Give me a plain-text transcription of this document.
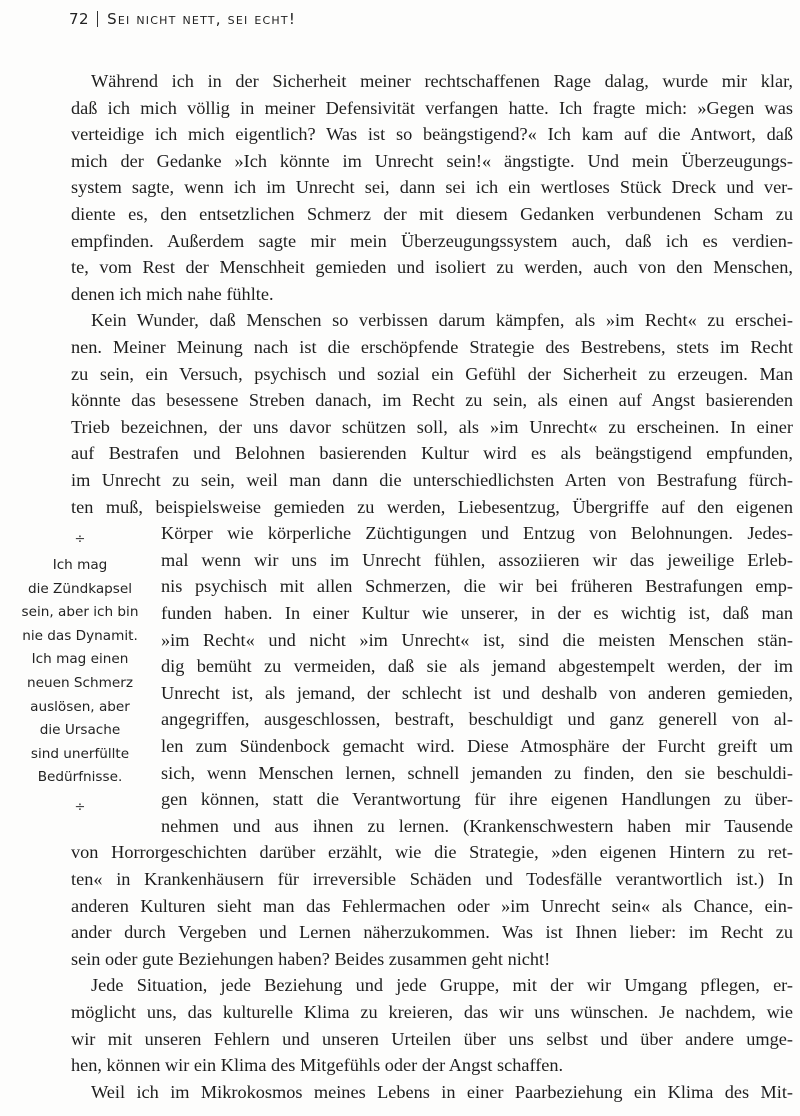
72 Sei nicht nett, sei echt!
Während ich in der Sicherheit meiner rechtschaffenen Rage dalag, wurde mir klar,
daß ich mich völlig in meiner Defensivität verfangen hatte. Ich fragte mich: »Gegen was
verteidige ich mich eigentlich? Was ist so beängstigend?« Ich kam auf die Antwort, daß
mich der Gedanke »Ich könnte im Unrecht sein!« ängstigte. Und mein Überzeugungs-
system sagte, wenn ich im Unrecht sei, dann sei ich ein wertloses Stück Dreck und ver-
diente es, den entsetzlichen Schmerz der mit diesem Gedanken verbundenen Scham zu
empfinden. Außerdem sagte mir mein Überzeugungssystem auch, daß ich es verdien-
te, vom Rest der Menschheit gemieden und isoliert zu werden, auch von den Menschen,
denen ich mich nahe fühlte.
Kein Wunder, daß Menschen so verbissen darum kämpfen, als »im Recht« zu erschei-
nen. Meiner Meinung nach ist die erschöpfende Strategie des Bestrebens, stets im Recht
zu sein, ein Versuch, psychisch und sozial ein Gefühl der Sicherheit zu erzeugen. Man
könnte das besessene Streben danach, im Recht zu sein, als einen auf Angst basierenden
Trieb bezeichnen, der uns davor schützen soll, als »im Unrecht« zu erscheinen. In einer
auf Bestrafen und Belohnen basierenden Kultur wird es als beängstigend empfunden,
im Unrecht zu sein, weil man dann die unterschiedlichsten Arten von Bestrafung fürch-
ten muß, beispielsweise gemieden zu werden, Liebesentzug, Übergriffe auf den eigenen
Körper wie körperliche Züchtigungen und Entzug von Belohnungen. Jedes-
mal wenn wir uns im Unrecht fühlen, assoziieren wir das jeweilige Erleb-
nis psychisch mit allen Schmerzen, die wir bei früheren Bestrafungen emp-
funden haben. In einer Kultur wie unserer, in der es wichtig ist, daß man
»im Recht« und nicht »im Unrecht« ist, sind die meisten Menschen stän-
dig bemüht zu vermeiden, daß sie als jemand abgestempelt werden, der im
Unrecht ist, als jemand, der schlecht ist und deshalb von anderen gemieden,
angegriffen, ausgeschlossen, bestraft, beschuldigt und ganz generell von al-
len zum Sündenbock gemacht wird. Diese Atmosphäre der Furcht greift um
sich, wenn Menschen lernen, schnell jemanden zu finden, den sie beschuldi-
gen können, statt die Verantwortung für ihre eigenen Handlungen zu über-
nehmen und aus ihnen zu lernen. (Krankenschwestern haben mir Tausende
von Horrorgeschichten darüber erzählt, wie die Strategie, »den eigenen Hintern zu ret-
ten« in Krankenhäusern für irreversible Schäden und Todesfälle verantwortlich ist.) In
anderen Kulturen sieht man das Fehlermachen oder »im Unrecht sein« als Chance, ein-
ander durch Vergeben und Lernen näherzukommen. Was ist Ihnen lieber: im Recht zu
sein oder gute Beziehungen haben? Beides zusammen geht nicht!
Jede Situation, jede Beziehung und jede Gruppe, mit der wir Umgang pflegen, er-
möglicht uns, das kulturelle Klima zu kreieren, das wir uns wünschen. Je nachdem, wie
wir mit unseren Fehlern und unseren Urteilen über uns selbst und über andere umge-
hen, können wir ein Klima des Mitgefühls oder der Angst schaffen.
Weil ich im Mikrokosmos meines Lebens in einer Paarbeziehung ein Klima des Mit-
÷
Ich mag
die Zündkapsel
sein, aber ich bin
nie das Dynamit.
Ich mag einen
neuen Schmerz
auslösen, aber
die Ursache
sind unerfüllte
Bedürfnisse.
÷
